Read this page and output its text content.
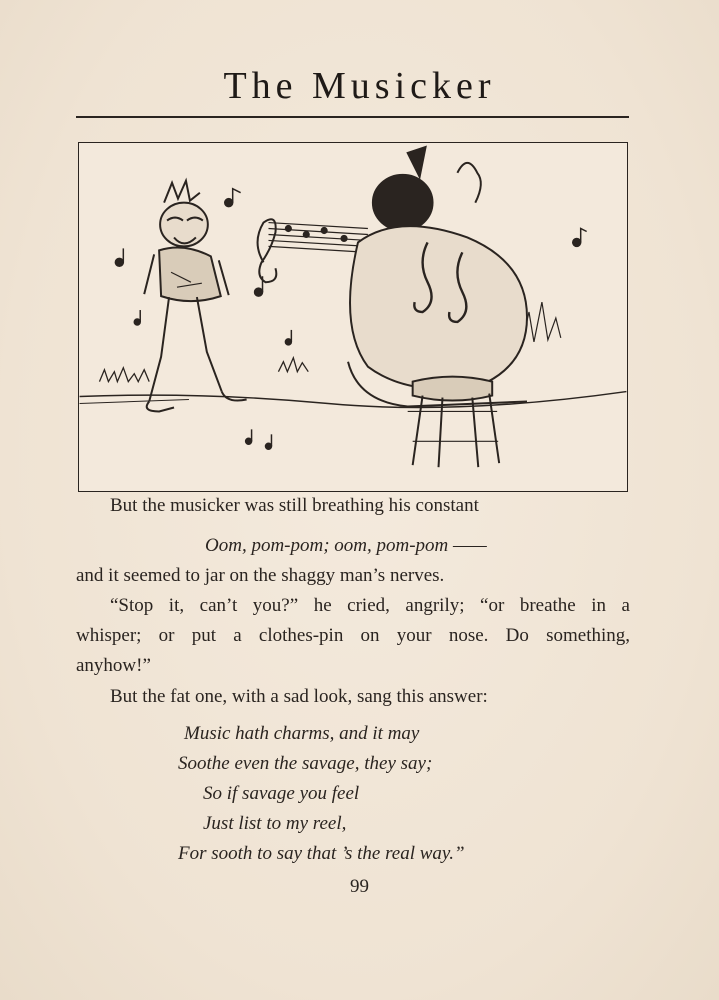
The Musicker
But the musicker was still breathing his constant
Oom, pom-pom; oom, pom-pom ——
and it seemed to jar on the shaggy man’s nerves.
“Stop it, can’t you?” he cried, angrily; “or breathe in a
whisper; or put a clothes-pin on your nose. Do something,
anyhow!”
But the fat one, with a sad look, sang this answer:
Music hath charms, and it may
Soothe even the savage, they say;
So if savage you feel
Just list to my reel,
For sooth to say that ’s the real way.”
99
